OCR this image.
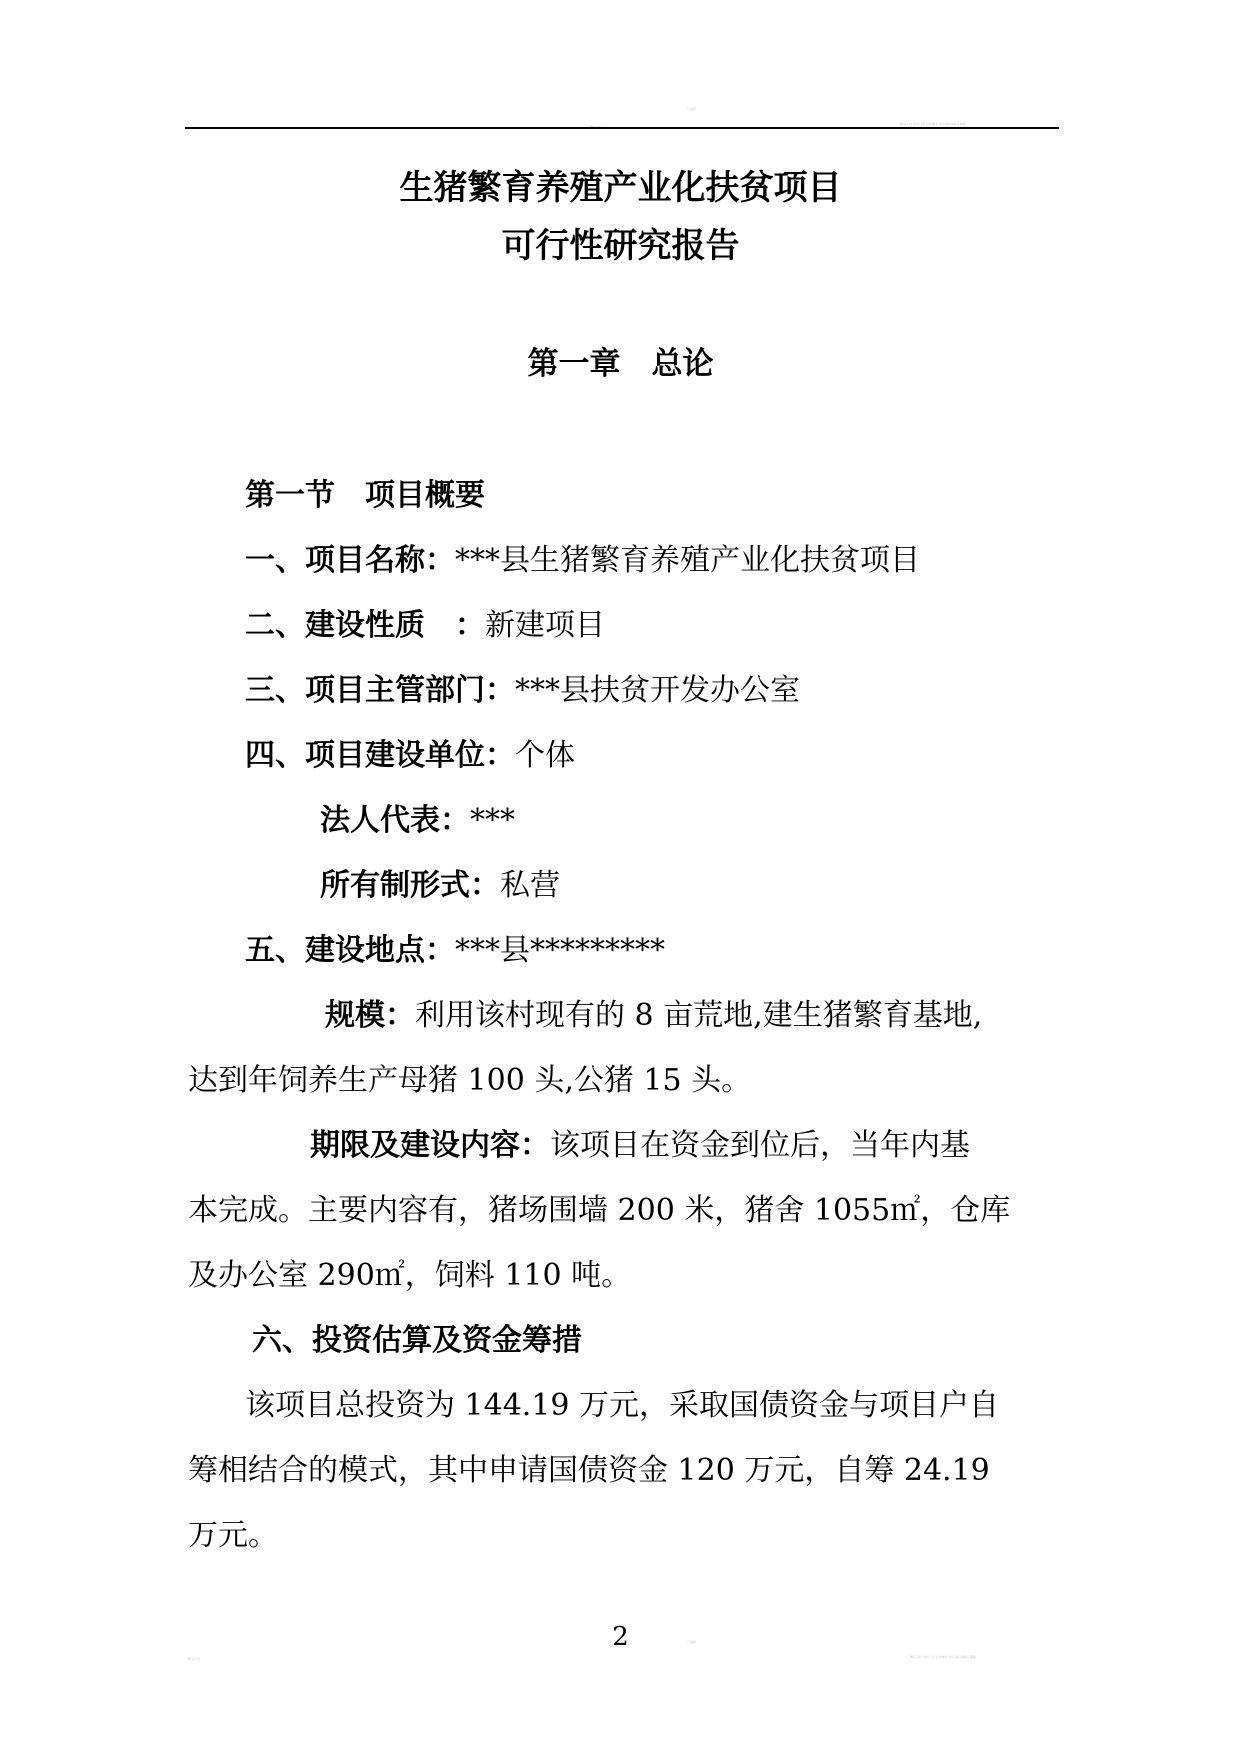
精品文档
可编辑
精品文档 资料分享 仅供参考 如有侵权请联系删除
生猪繁育养殖产业化扶贫项目
可行性研究报告
第一章　总论
第一节　项目概要
一、项目名称：***县生猪繁育养殖产业化扶贫项目
二、建设性质　：新建项目
三、项目主管部门：***县扶贫开发办公室
四、项目建设单位：个体
法人代表：***
所有制形式：私营
五、建设地点：***县*********
规模：利用该村现有的 8 亩荒地,建生猪繁育基地,
达到年饲养生产母猪 100 头,公猪 15 头。
期限及建设内容：该项目在资金到位后，当年内基
本完成。主要内容有，猪场围墙 200 米，猪舍 1055㎡，仓库
及办公室 290㎡，饲料 110 吨。
六、投资估算及资金筹措
该项目总投资为 144.19 万元，采取国债资金与项目户自
筹相结合的模式，其中申请国债资金 120 万元，自筹 24.19
万元。
2
精品文档
可编辑
精品文档 资料分享 仅供参考 如有侵权请联系删除
